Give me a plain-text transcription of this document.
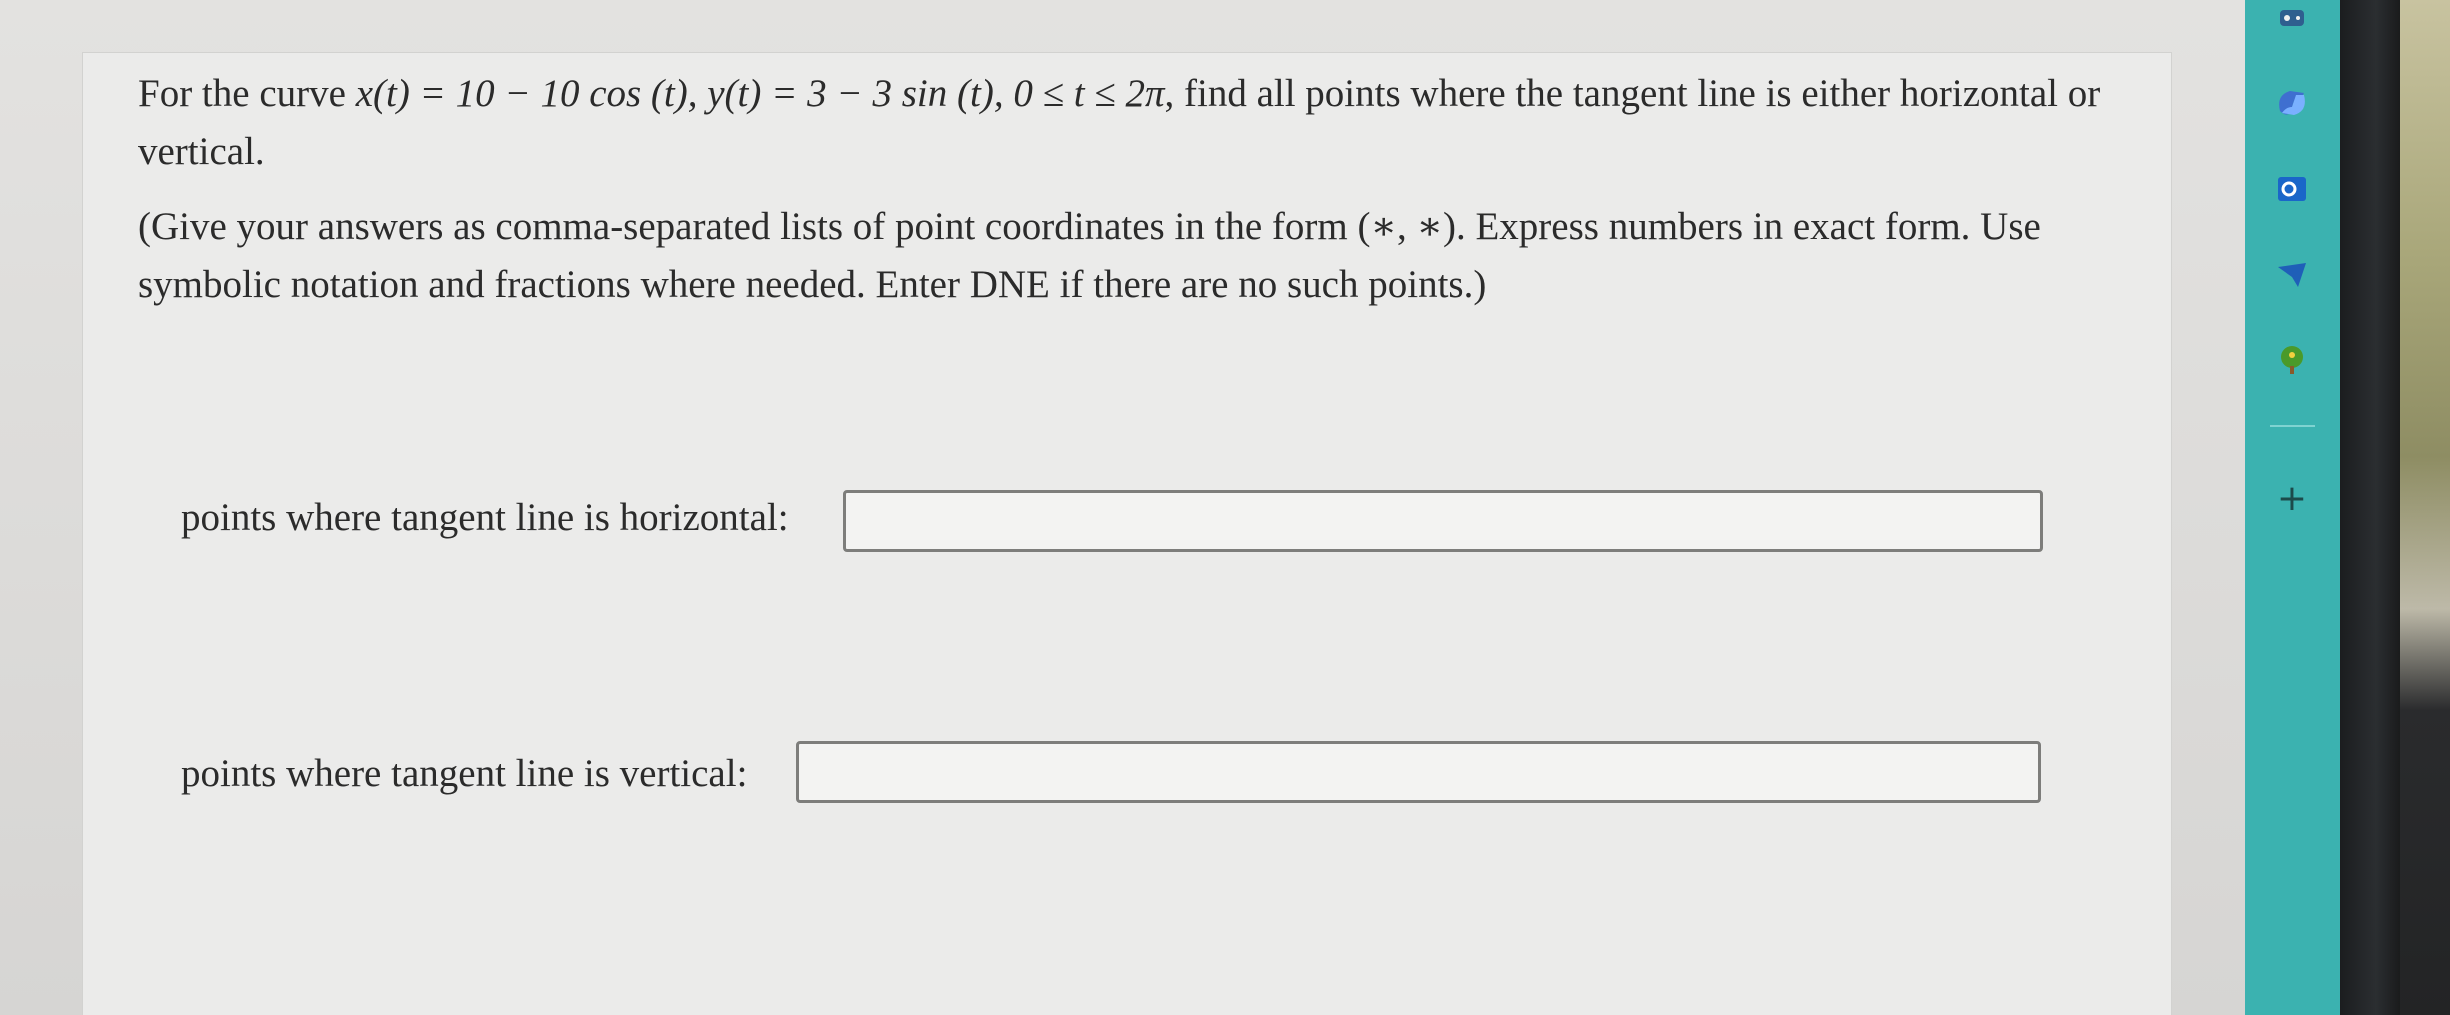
For the curve x(t) = 10 − 10 cos (t), y(t) = 3 − 3 sin (t), 0 ≤ t ≤ 2π, find all points where the tangent line is either horizontal or vertical.
(Give your answers as comma-separated lists of point coordinates in the form (∗, ∗). Express numbers in exact form. Use symbolic notation and fractions where needed. Enter DNE if there are no such points.)
points where tangent line is horizontal:
points where tangent line is vertical:
+
